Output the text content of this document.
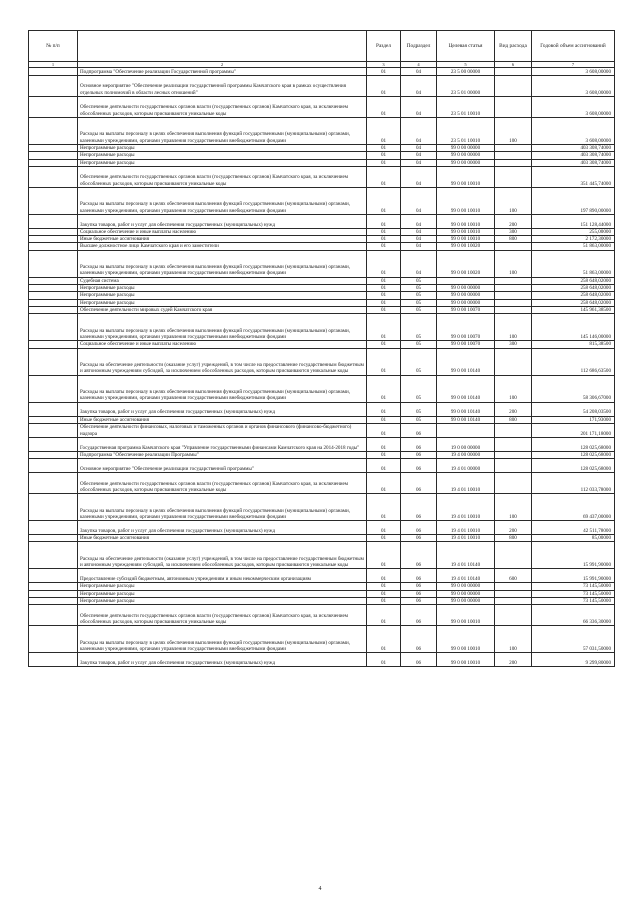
№ п/п		Раздел	Подраздел	Целевая статья	Вид расхода	Годовой объем ассигнований
1	2	3	4	5	6	7
	Подпрограмма "Обеспечение реализации Государственной программы"	01	04	23 5 00 00000		3 608,00000
	Основное мероприятие "Обеспечение реализации государственной программы Камчатского края в рамках осуществления отдельных полномочий в области лесных отношений"	01	04	23 5 01 00000		3 608,00000
	Обеспечение деятельности государственных органов власти (государственных органов) Камчатского края, за исключением обособленных расходов, которым присваиваются уникальные коды	01	04	23 5 01 10010		3 608,00000
	Расходы на выплаты персоналу в целях обеспечения выполнения функций государственными (муниципальными) органами, казенными учреждениями, органами управления государственными внебюджетными фондами	01	04	23 5 01 10010	100	3 608,00000
	Непрограммные расходы	01	04	99 0 00 00000		403 308,74000
	Непрограммные расходы	01	04	99 0 00 00000		403 308,74000
	Непрограммные расходы	01	04	99 0 00 00000		403 308,74000
	Обеспечение деятельности государственных органов власти (государственных органов) Камчатского края, за исключением обособленных расходов, которым присваиваются уникальные коды	01	04	99 0 00 10010		351 445,74000
	Расходы на выплаты персоналу в целях обеспечения выполнения функций государственными (муниципальными) органами, казенными учреждениями, органами управления государственными внебюджетными фондами	01	04	99 0 00 10010	100	197 890,00000
	Закупка товаров, работ и услуг для обеспечения государственных (муниципальных) нужд	01	04	99 0 00 10010	200	151 128,44000
	Социальное обеспечение и иные выплаты населению	01	04	99 0 00 10010	300	255,00000
	Иные бюджетные ассигнования	01	04	99 0 00 10010	800	2 172,30000
	Высшее должностное лицо Камчатского края и его заместители	01	04	99 0 00 10020		51 863,00000
	Расходы на выплаты персоналу в целях обеспечения выполнения функций государственными (муниципальными) органами, казенными учреждениями, органами управления государственными внебюджетными фондами	01	04	99 0 00 10020	100	51 863,00000
	Судебная система	01	05			258 648,02000
	Непрограммные расходы	01	05	99 0 00 00000		258 648,02000
	Непрограммные расходы	01	05	99 0 00 00000		258 648,02000
	Непрограммные расходы	01	05	99 0 00 00000		258 648,02000
	Обеспечение деятельности мировых судей Камчатского края	01	05	99 0 00 10070		145 961,38500
	Расходы на выплаты персоналу в целях обеспечения выполнения функций государственными (муниципальными) органами, казенными учреждениями, органами управления государственными внебюджетными фондами	01	05	99 0 00 10070	100	145 146,00000
	Социальное обеспечение и иные выплаты населению	01	05	99 0 00 10070	300	815,38500
	Расходы на обеспечение деятельности (оказание услуг) учреждений, в том числе на предоставление государственным бюджетным и автономным учреждениям субсидий, за исключением обособленных расходов, которым присваиваются уникальные коды	01	05	99 0 00 10140		112 686,63500
	Расходы на выплаты персоналу в целях обеспечения выполнения функций государственными (муниципальными) органами, казенными учреждениями, органами управления государственными внебюджетными фондами	01	05	99 0 00 10140	100	58 306,67000
	Закупка товаров, работ и услуг для обеспечения государственных (муниципальных) нужд	01	05	99 0 00 10140	200	54 208,03500
	Иные бюджетные ассигнования	01	05	99 0 00 10140	800	171,93000
	Обеспечение деятельности финансовых, налоговых и таможенных органов и органов финансового (финансово-бюджетного) надзора	01	06			201 171,18000
	Государственная программа Камчатского края "Управление государственными финансами Камчатского края на 2014-2018 годы"	01	06	19 0 00 00000		128 025,68000
	Подпрограмма "Обеспечение реализации Программы"	01	06	19 4 00 00000		128 025,68000
	Основное мероприятие "Обеспечение реализации государственной программы"	01	06	19 4 01 00000		128 025,68000
	Обеспечение деятельности государственных органов власти (государственных органов) Камчатского края, за исключением обособленных расходов, которым присваиваются уникальные коды	01	06	19 4 01 10010		112 033,78000
	Расходы на выплаты персоналу в целях обеспечения выполнения функций государственными (муниципальными) органами, казенными учреждениями, органами управления государственными внебюджетными фондами	01	06	19 4 01 10010	100	69 437,00000
	Закупка товаров, работ и услуг для обеспечения государственных (муниципальных) нужд	01	06	19 4 01 10010	200	42 511,78000
	Иные бюджетные ассигнования	01	06	19 4 01 10010	800	85,00000
	Расходы на обеспечение деятельности (оказание услуг) учреждений, в том числе на предоставление государственным бюджетным и автономным учреждениям субсидий, за исключением обособленных расходов, которым присваиваются уникальные коды	01	06	19 4 01 10140		15 991,90000
	Предоставление субсидий бюджетным, автономным учреждениям и иным некоммерческим организациям	01	06	19 4 01 10140	600	15 991,90000
	Непрограммные расходы	01	06	99 0 00 00000		73 145,50000
	Непрограммные расходы	01	06	99 0 00 00000		73 145,50000
	Непрограммные расходы	01	06	99 0 00 00000		73 145,50000
	Обеспечение деятельности государственных органов власти (государственных органов) Камчатского края, за исключением обособленных расходов, которым присваиваются уникальные коды	01	06	99 0 00 10010		66 336,30000
	Расходы на выплаты персоналу в целях обеспечения выполнения функций государственными (муниципальными) органами, казенными учреждениями, органами управления государственными внебюджетными фондами	01	06	99 0 00 10010	100	57 031,50000
	Закупка товаров, работ и услуг для обеспечения государственных (муниципальных) нужд	01	06	99 0 00 10010	200	9 299,80000
4
